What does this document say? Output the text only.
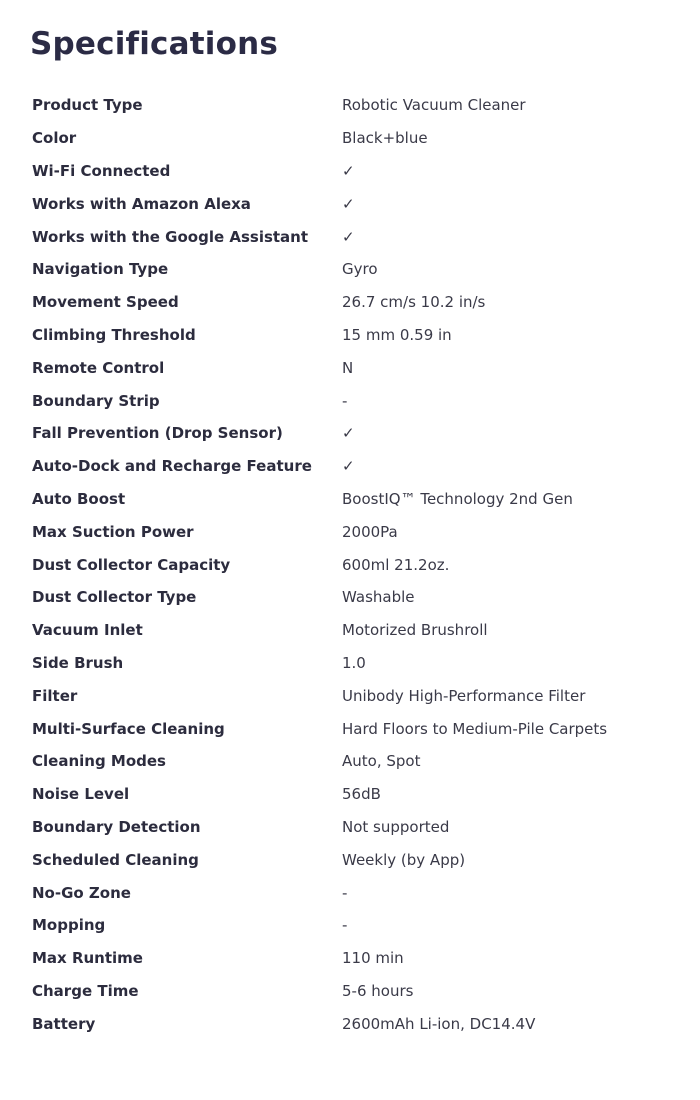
Specifications
Product Type	Robotic Vacuum Cleaner
Color	Black+blue
Wi-Fi Connected	✓
Works with Amazon Alexa	✓
Works with the Google Assistant	✓
Navigation Type	Gyro
Movement Speed	26.7 cm/s 10.2 in/s
Climbing Threshold	15 mm 0.59 in
Remote Control	N
Boundary Strip	-
Fall Prevention (Drop Sensor)	✓
Auto-Dock and Recharge Feature	✓
Auto Boost	BoostIQ™ Technology 2nd Gen
Max Suction Power	2000Pa
Dust Collector Capacity	600ml 21.2oz.
Dust Collector Type	Washable
Vacuum Inlet	Motorized Brushroll
Side Brush	1.0
Filter	Unibody High-Performance Filter
Multi-Surface Cleaning	Hard Floors to Medium-Pile Carpets
Cleaning Modes	Auto, Spot
Noise Level	56dB
Boundary Detection	Not supported
Scheduled Cleaning	Weekly (by App)
No-Go Zone	-
Mopping	-
Max Runtime	110 min
Charge Time	5-6 hours
Battery	2600mAh Li-ion, DC14.4V
